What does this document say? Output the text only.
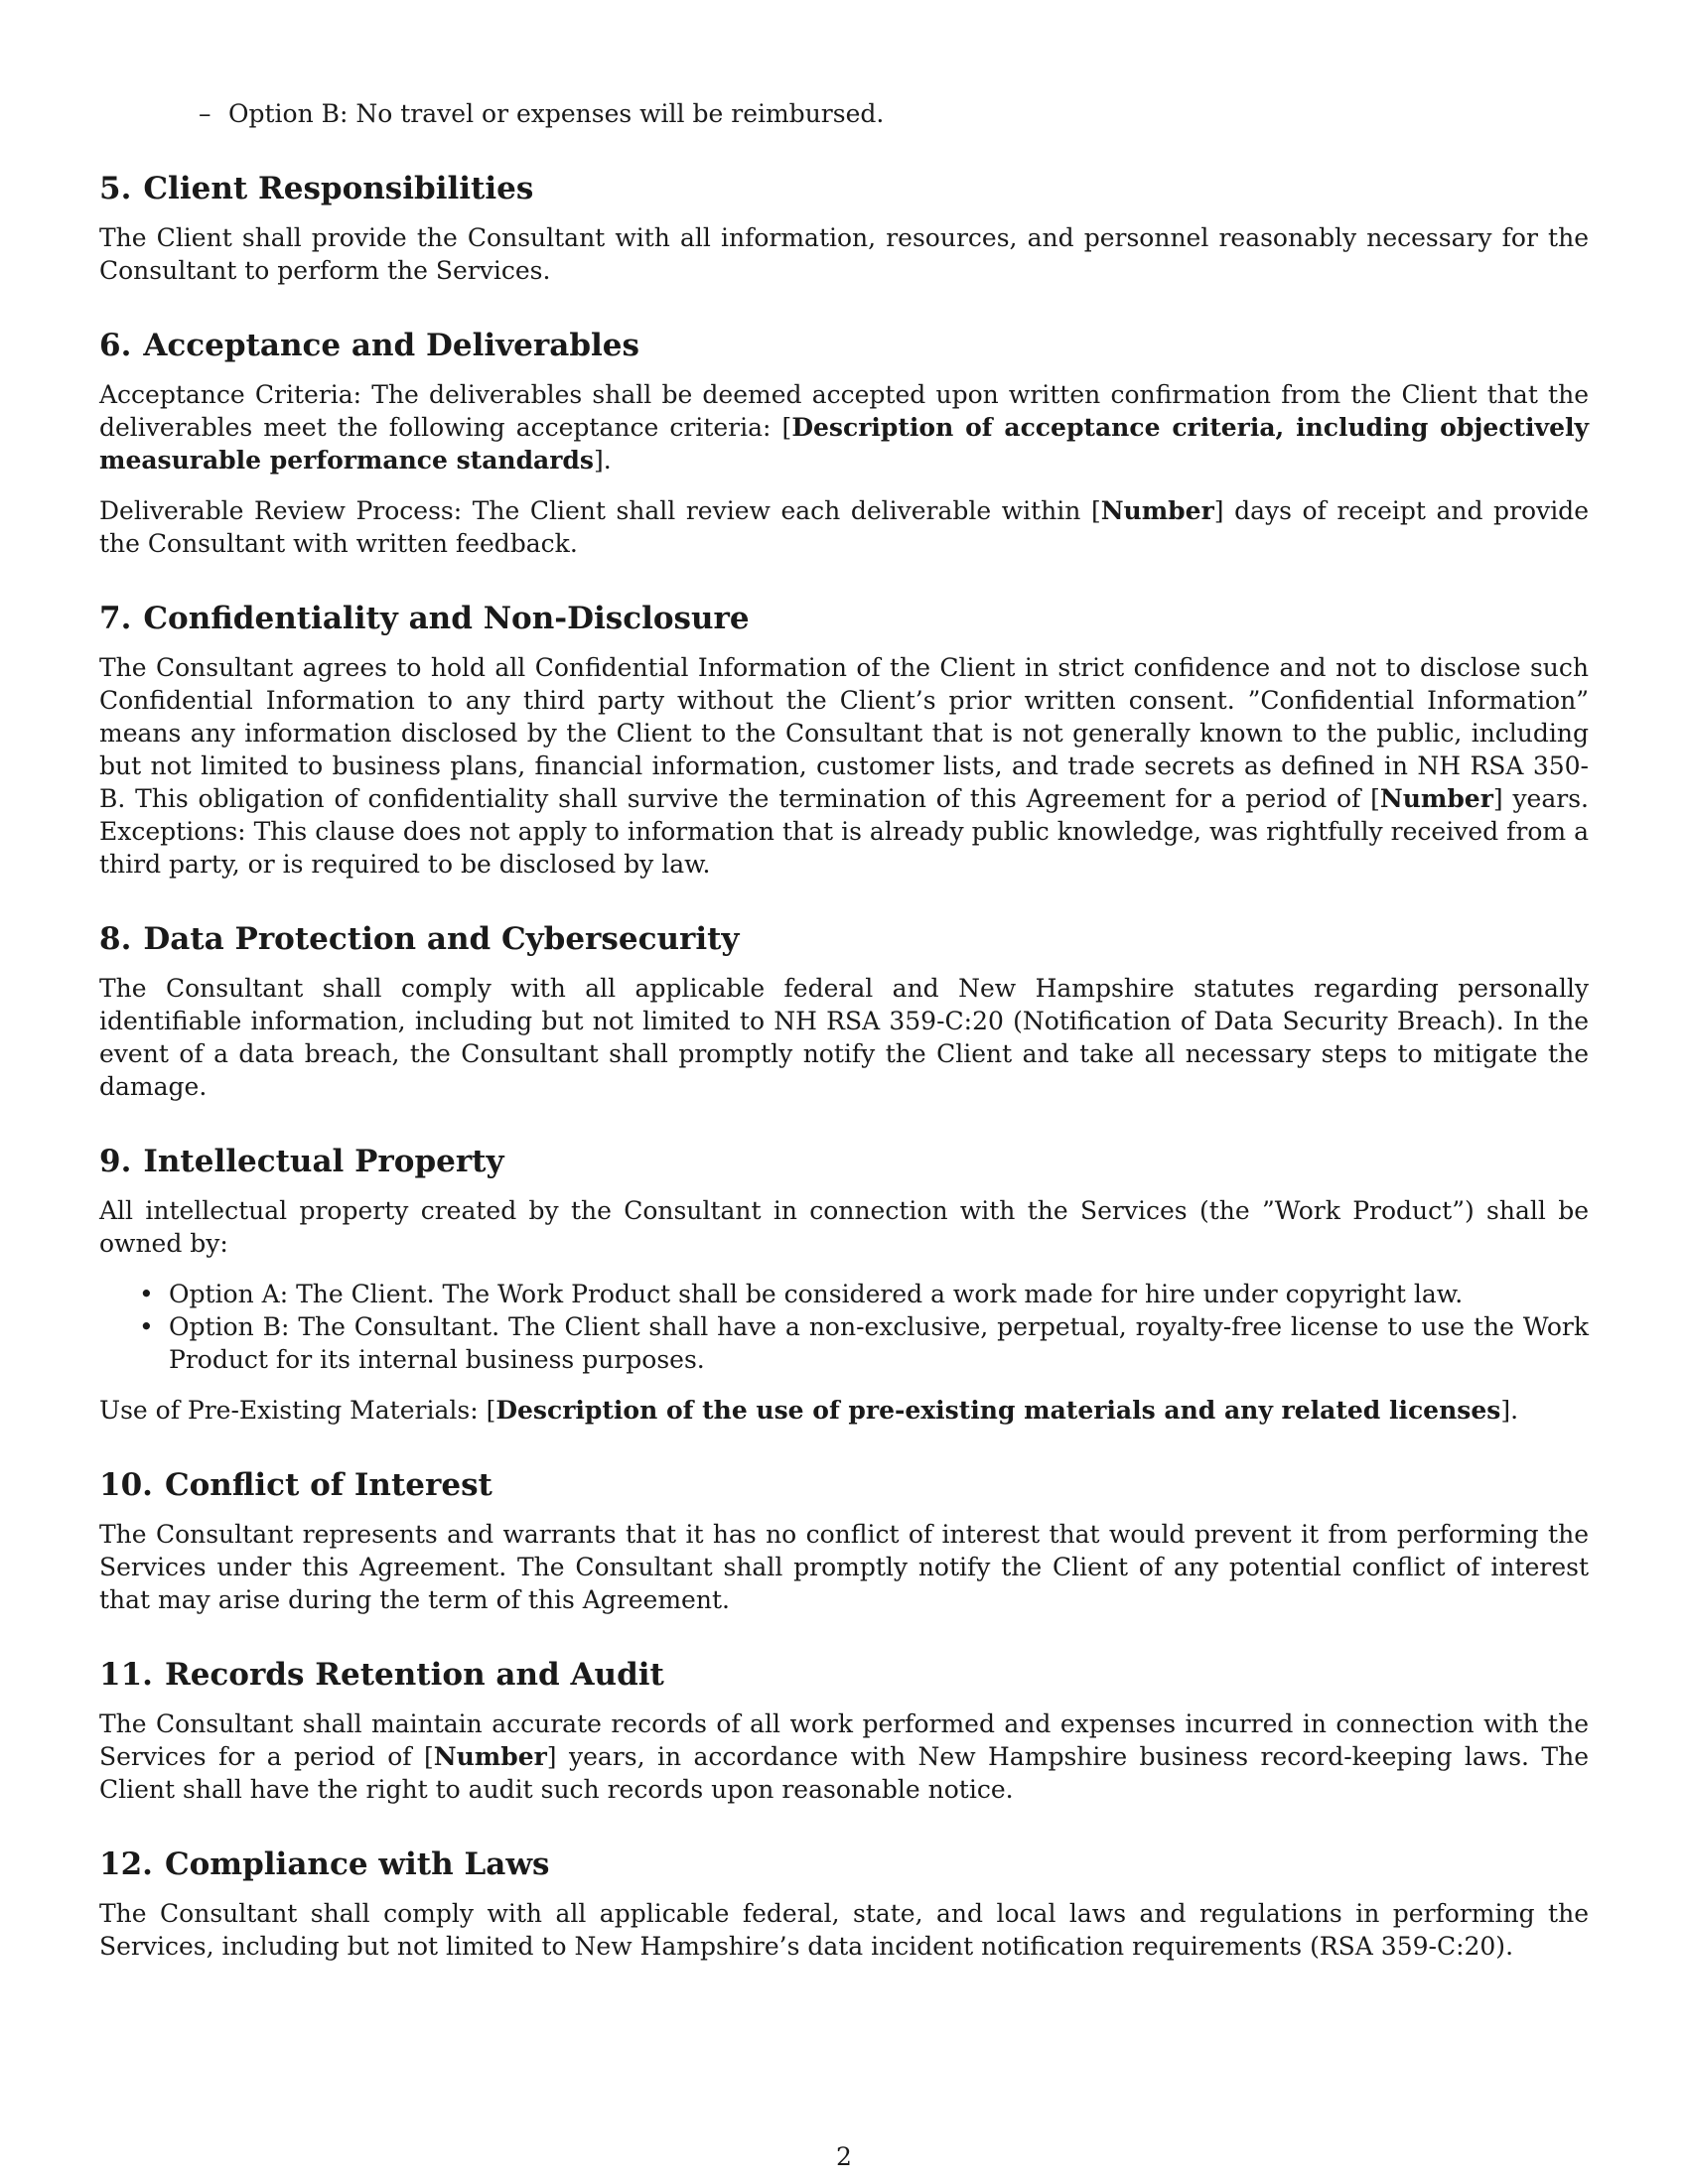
– Option B: No travel or expenses will be reimbursed.

5. Client Responsibilities

The Client shall provide the Consultant with all information, resources, and personnel reasonably necessary for the Consultant to perform the Services.

6. Acceptance and Deliverables

Acceptance Criteria: The deliverables shall be deemed accepted upon written confirmation from the Client that the deliverables meet the following acceptance criteria: [Description of acceptance criteria, including objectively measurable performance standards].

Deliverable Review Process: The Client shall review each deliverable within [Number] days of receipt and provide the Consultant with written feedback.

7. Confidentiality and Non-Disclosure

The Consultant agrees to hold all Confidential Information of the Client in strict confidence and not to disclose such Confidential Information to any third party without the Client’s prior written consent. ”Confidential Information” means any information disclosed by the Client to the Consultant that is not generally known to the public, including but not limited to business plans, financial information, customer lists, and trade secrets as defined in NH RSA 350-B. This obligation of confidentiality shall survive the termination of this Agreement for a period of [Number] years. Exceptions: This clause does not apply to information that is already public knowledge, was rightfully received from a third party, or is required to be disclosed by law.

8. Data Protection and Cybersecurity

The Consultant shall comply with all applicable federal and New Hampshire statutes regarding personally identifiable information, including but not limited to NH RSA 359-C:20 (Notification of Data Security Breach). In the event of a data breach, the Consultant shall promptly notify the Client and take all necessary steps to mitigate the damage.

9. Intellectual Property

All intellectual property created by the Consultant in connection with the Services (the ”Work Product”) shall be owned by:

• Option A: The Client. The Work Product shall be considered a work made for hire under copyright law.
• Option B: The Consultant. The Client shall have a non-exclusive, perpetual, royalty-free license to use the Work Product for its internal business purposes.

Use of Pre-Existing Materials: [Description of the use of pre-existing materials and any related licenses].

10. Conflict of Interest

The Consultant represents and warrants that it has no conflict of interest that would prevent it from performing the Services under this Agreement. The Consultant shall promptly notify the Client of any potential conflict of interest that may arise during the term of this Agreement.

11. Records Retention and Audit

The Consultant shall maintain accurate records of all work performed and expenses incurred in connection with the Services for a period of [Number] years, in accordance with New Hampshire business record-keeping laws. The Client shall have the right to audit such records upon reasonable notice.

12. Compliance with Laws

The Consultant shall comply with all applicable federal, state, and local laws and regulations in performing the Services, including but not limited to New Hampshire’s data incident notification requirements (RSA 359-C:20).

2
